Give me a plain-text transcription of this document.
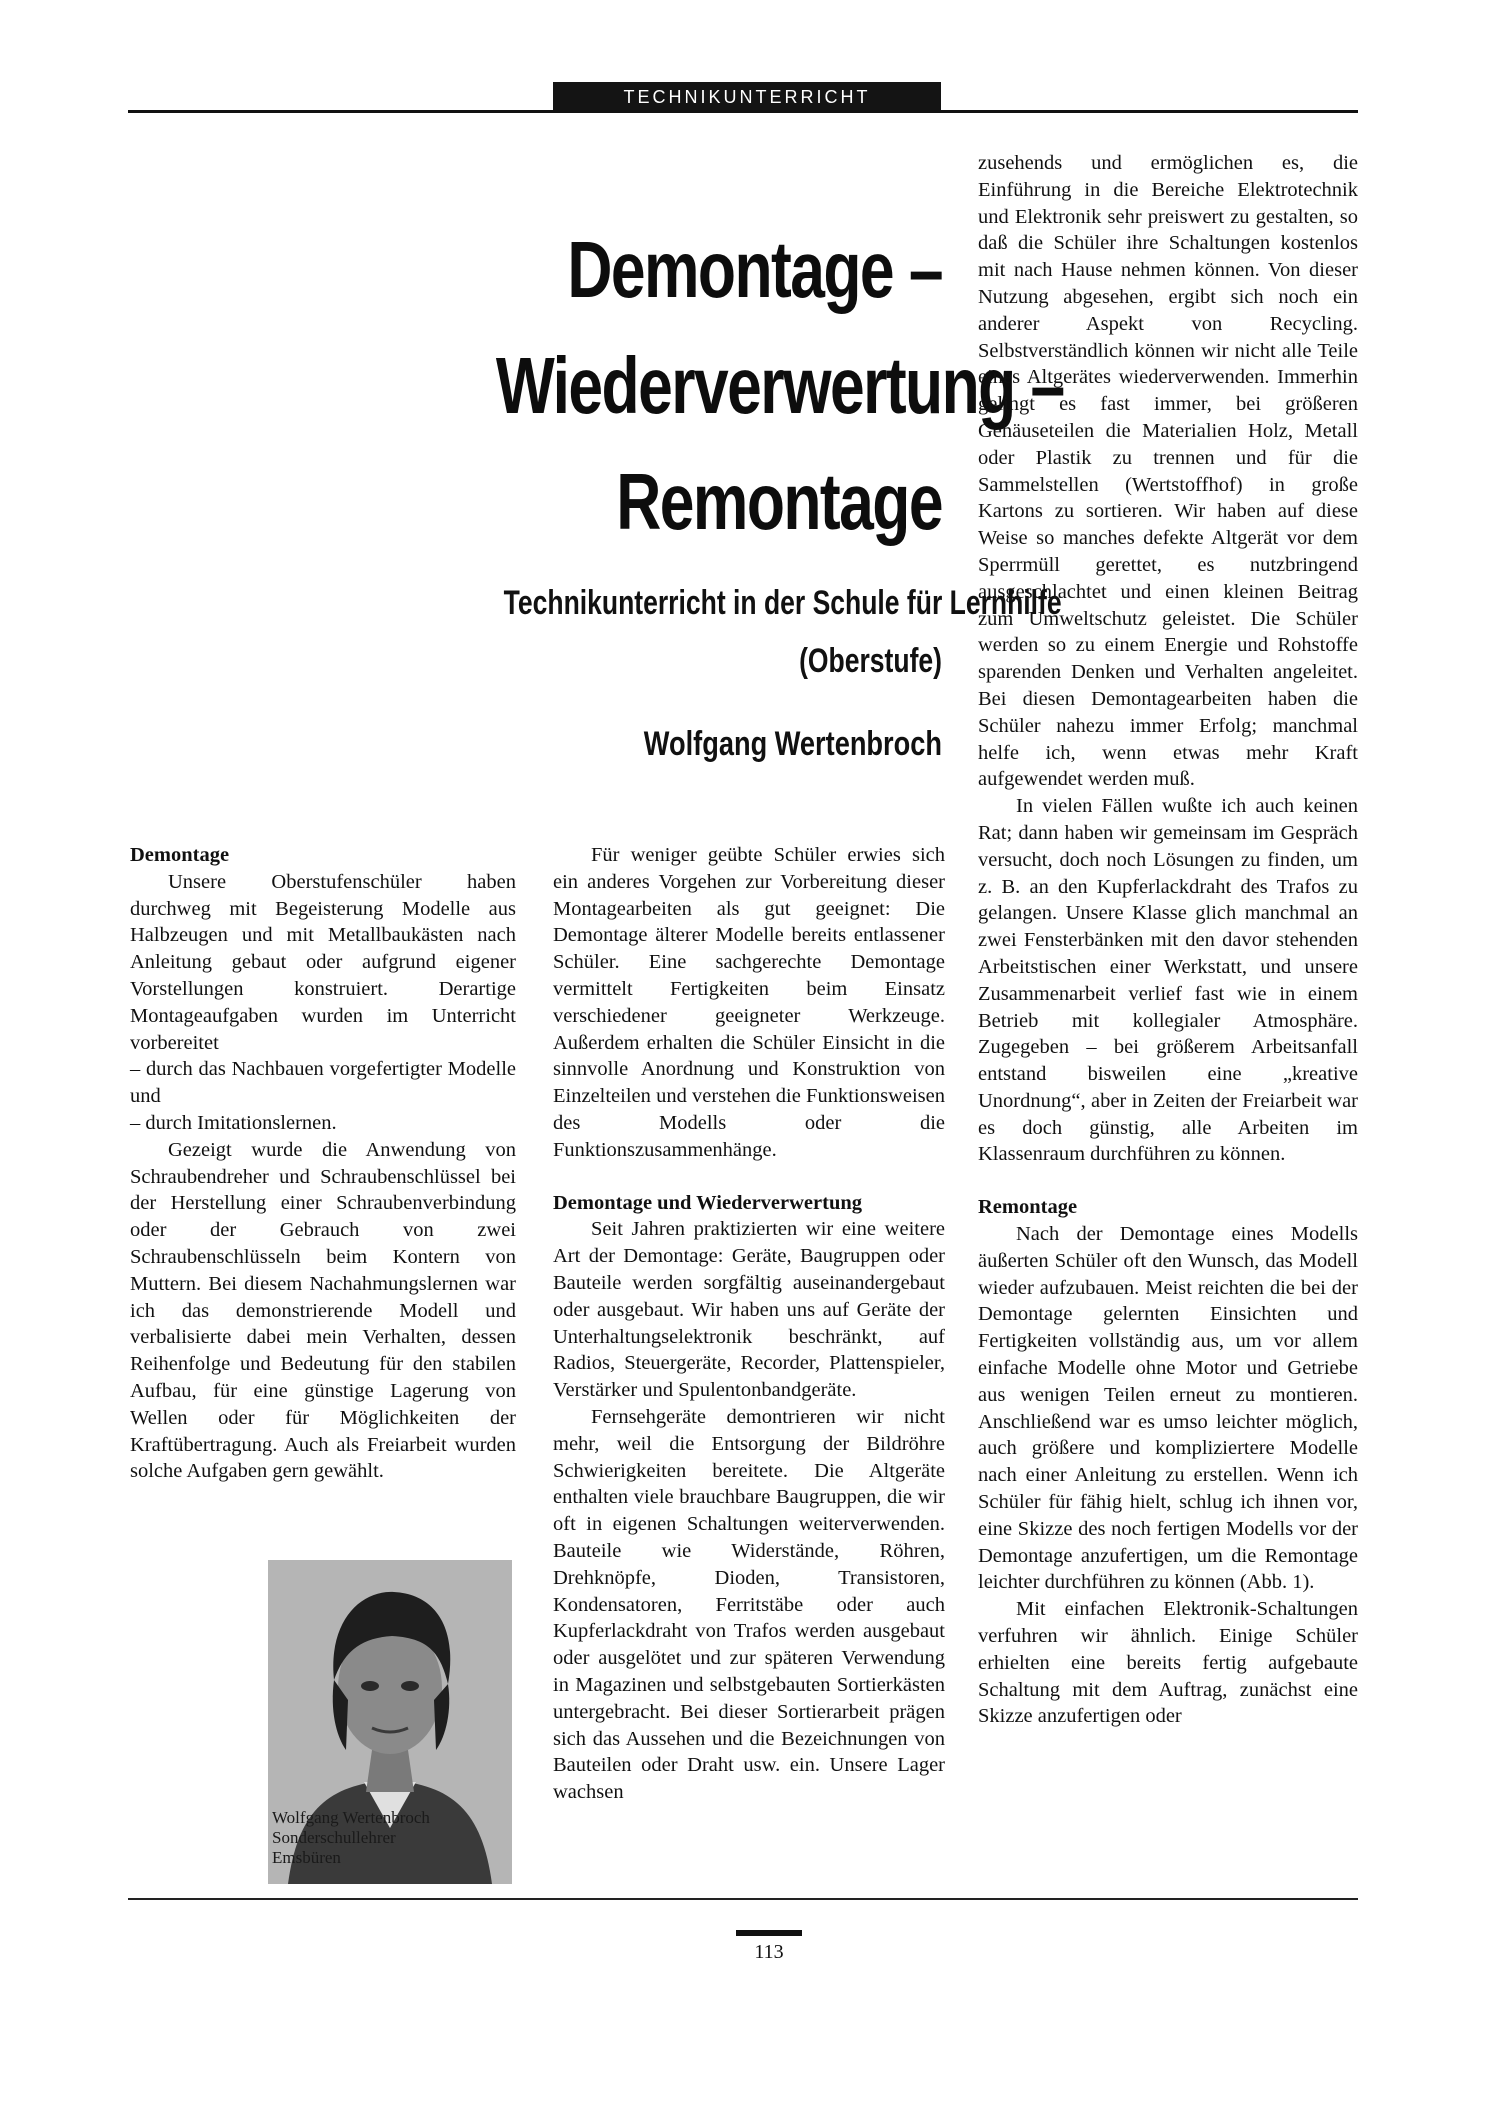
TECHNIKUNTERRICHT
Demontage –
Wiederverwertung –
Remontage
Technikunterricht in der Schule für Lernhilfe
(Oberstufe)
Wolfgang Wertenbroch

Demontage

Unsere Oberstufenschüler haben durchweg mit Begeisterung Modelle aus Halbzeugen und mit Metallbaukästen nach Anleitung gebaut oder aufgrund eigener Vorstellungen konstruiert. Derartige Montageaufgaben wurden im Unterricht vorbereitet

– durch das Nachbauen vorgefertigter Modelle und

– durch Imitationslernen.

Gezeigt wurde die Anwendung von Schraubendreher und Schraubenschlüssel bei der Herstellung einer Schraubenverbindung oder der Gebrauch von zwei Schraubenschlüsseln beim Kontern von Muttern. Bei diesem Nachahmungslernen war ich das demonstrierende Modell und verbalisierte dabei mein Verhalten, dessen Reihenfolge und Bedeutung für den stabilen Aufbau, für eine günstige Lagerung von Wellen oder für Möglichkeiten der Kraftübertragung. Auch als Freiarbeit wurden solche Aufgaben gern gewählt.

Wolfgang Wertenbroch
Sonderschullehrer
Emsbüren

Für weniger geübte Schüler erwies sich ein anderes Vorgehen zur Vorbereitung dieser Montagearbeiten als gut geeignet: Die Demontage älterer Modelle bereits entlassener Schüler. Eine sachgerechte Demontage vermittelt Fertigkeiten beim Einsatz verschiedener geeigneter Werkzeuge. Außerdem erhalten die Schüler Einsicht in die sinnvolle Anordnung und Konstruktion von Einzelteilen und verstehen die Funktionsweisen des Modells oder die Funktionszusammenhänge.

Demontage und Wiederverwertung

Seit Jahren praktizierten wir eine weitere Art der Demontage: Geräte, Baugruppen oder Bauteile werden sorgfältig auseinandergebaut oder ausgebaut. Wir haben uns auf Geräte der Unterhaltungselektronik beschränkt, auf Radios, Steuergeräte, Recorder, Plattenspieler, Verstärker und Spulentonbandgeräte.

Fernsehgeräte demontrieren wir nicht mehr, weil die Entsorgung der Bildröhre Schwierigkeiten bereitete. Die Altgeräte enthalten viele brauchbare Baugruppen, die wir oft in eigenen Schaltungen weiterverwenden. Bauteile wie Widerstände, Röhren, Drehknöpfe, Dioden, Transistoren, Kondensatoren, Ferritstäbe oder auch Kupferlackdraht von Trafos werden ausgebaut oder ausgelötet und zur späteren Verwendung in Magazinen und selbstgebauten Sortierkästen untergebracht. Bei dieser Sortierarbeit prägen sich das Aussehen und die Bezeichnungen von Bauteilen oder Draht usw. ein. Unsere Lager wachsen

zusehends und ermöglichen es, die Einführung in die Bereiche Elektrotechnik und Elektronik sehr preiswert zu gestalten, so daß die Schüler ihre Schaltungen kostenlos mit nach Hause nehmen können. Von dieser Nutzung abgesehen, ergibt sich noch ein anderer Aspekt von Recycling. Selbstverständlich können wir nicht alle Teile eines Altgerätes wiederverwenden. Immerhin gelingt es fast immer, bei größeren Gehäuseteilen die Materialien Holz, Metall oder Plastik zu trennen und für die Sammelstellen (Wertstoffhof) in große Kartons zu sortieren. Wir haben auf diese Weise so manches defekte Altgerät vor dem Sperrmüll gerettet, es nutzbringend ausgeschlachtet und einen kleinen Beitrag zum Umweltschutz geleistet. Die Schüler werden so zu einem Energie und Rohstoffe sparenden Denken und Verhalten angeleitet. Bei diesen Demontagearbeiten haben die Schüler nahezu immer Erfolg; manchmal helfe ich, wenn etwas mehr Kraft aufgewendet werden muß.

In vielen Fällen wußte ich auch keinen Rat; dann haben wir gemeinsam im Gespräch versucht, doch noch Lösungen zu finden, um z. B. an den Kupferlackdraht des Trafos zu gelangen. Unsere Klasse glich manchmal an zwei Fensterbänken mit den davor stehenden Arbeitstischen einer Werkstatt, und unsere Zusammenarbeit verlief fast wie in einem Betrieb mit kollegialer Atmosphäre. Zugegeben – bei größerem Arbeitsanfall entstand bisweilen eine „kreative Unordnung“, aber in Zeiten der Freiarbeit war es doch günstig, alle Arbeiten im Klassenraum durchführen zu können.

Remontage

Nach der Demontage eines Modells äußerten Schüler oft den Wunsch, das Modell wieder aufzubauen. Meist reichten die bei der Demontage gelernten Einsichten und Fertigkeiten vollständig aus, um vor allem einfache Modelle ohne Motor und Getriebe aus wenigen Teilen erneut zu montieren. Anschließend war es umso leichter möglich, auch größere und kompliziertere Modelle nach einer Anleitung zu erstellen. Wenn ich Schüler für fähig hielt, schlug ich ihnen vor, eine Skizze des noch fertigen Modells vor der Demontage anzufertigen, um die Remontage leichter durchführen zu können (Abb. 1).

Mit einfachen Elektronik-Schaltungen verfuhren wir ähnlich. Einige Schüler erhielten eine bereits fertig aufgebaute Schaltung mit dem Auftrag, zunächst eine Skizze anzufertigen oder

113
